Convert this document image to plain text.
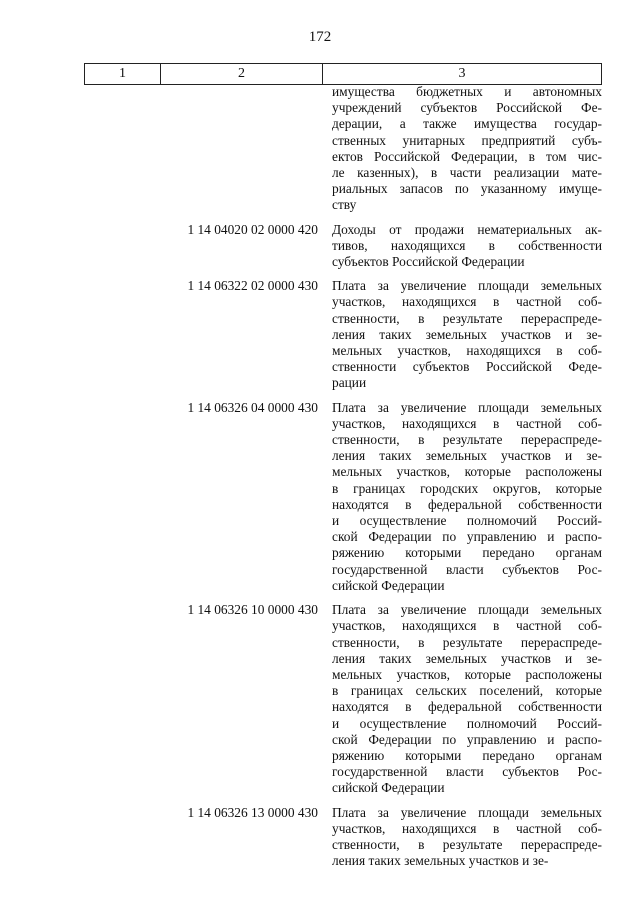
172
1	2	3
имущества бюджетных и автономных
учреждений субъектов Российской Фе-
дерации, а также имущества государ-
ственных унитарных предприятий субъ-
ектов Российской Федерации, в том чис-
ле казенных), в части реализации мате-
риальных запасов по указанному имуще-
ству
1 14 04020 02 0000 420 Доходы от продажи нематериальных ак-
тивов, находящихся в собственности
субъектов Российской Федерации
1 14 06322 02 0000 430 Плата за увеличение площади земельных
участков, находящихся в частной соб-
ственности, в результате перераспреде-
ления таких земельных участков и зе-
мельных участков, находящихся в соб-
ственности субъектов Российской Феде-
рации
1 14 06326 04 0000 430 Плата за увеличение площади земельных
участков, находящихся в частной соб-
ственности, в результате перераспреде-
ления таких земельных участков и зе-
мельных участков, которые расположены
в границах городских округов, которые
находятся в федеральной собственности
и осуществление полномочий Россий-
ской Федерации по управлению и распо-
ряжению которыми передано органам
государственной власти субъектов Рос-
сийской Федерации
1 14 06326 10 0000 430 Плата за увеличение площади земельных
участков, находящихся в частной соб-
ственности, в результате перераспреде-
ления таких земельных участков и зе-
мельных участков, которые расположены
в границах сельских поселений, которые
находятся в федеральной собственности
и осуществление полномочий Россий-
ской Федерации по управлению и распо-
ряжению которыми передано органам
государственной власти субъектов Рос-
сийской Федерации
1 14 06326 13 0000 430 Плата за увеличение площади земельных
участков, находящихся в частной соб-
ственности, в результате перераспреде-
ления таких земельных участков и зе-
